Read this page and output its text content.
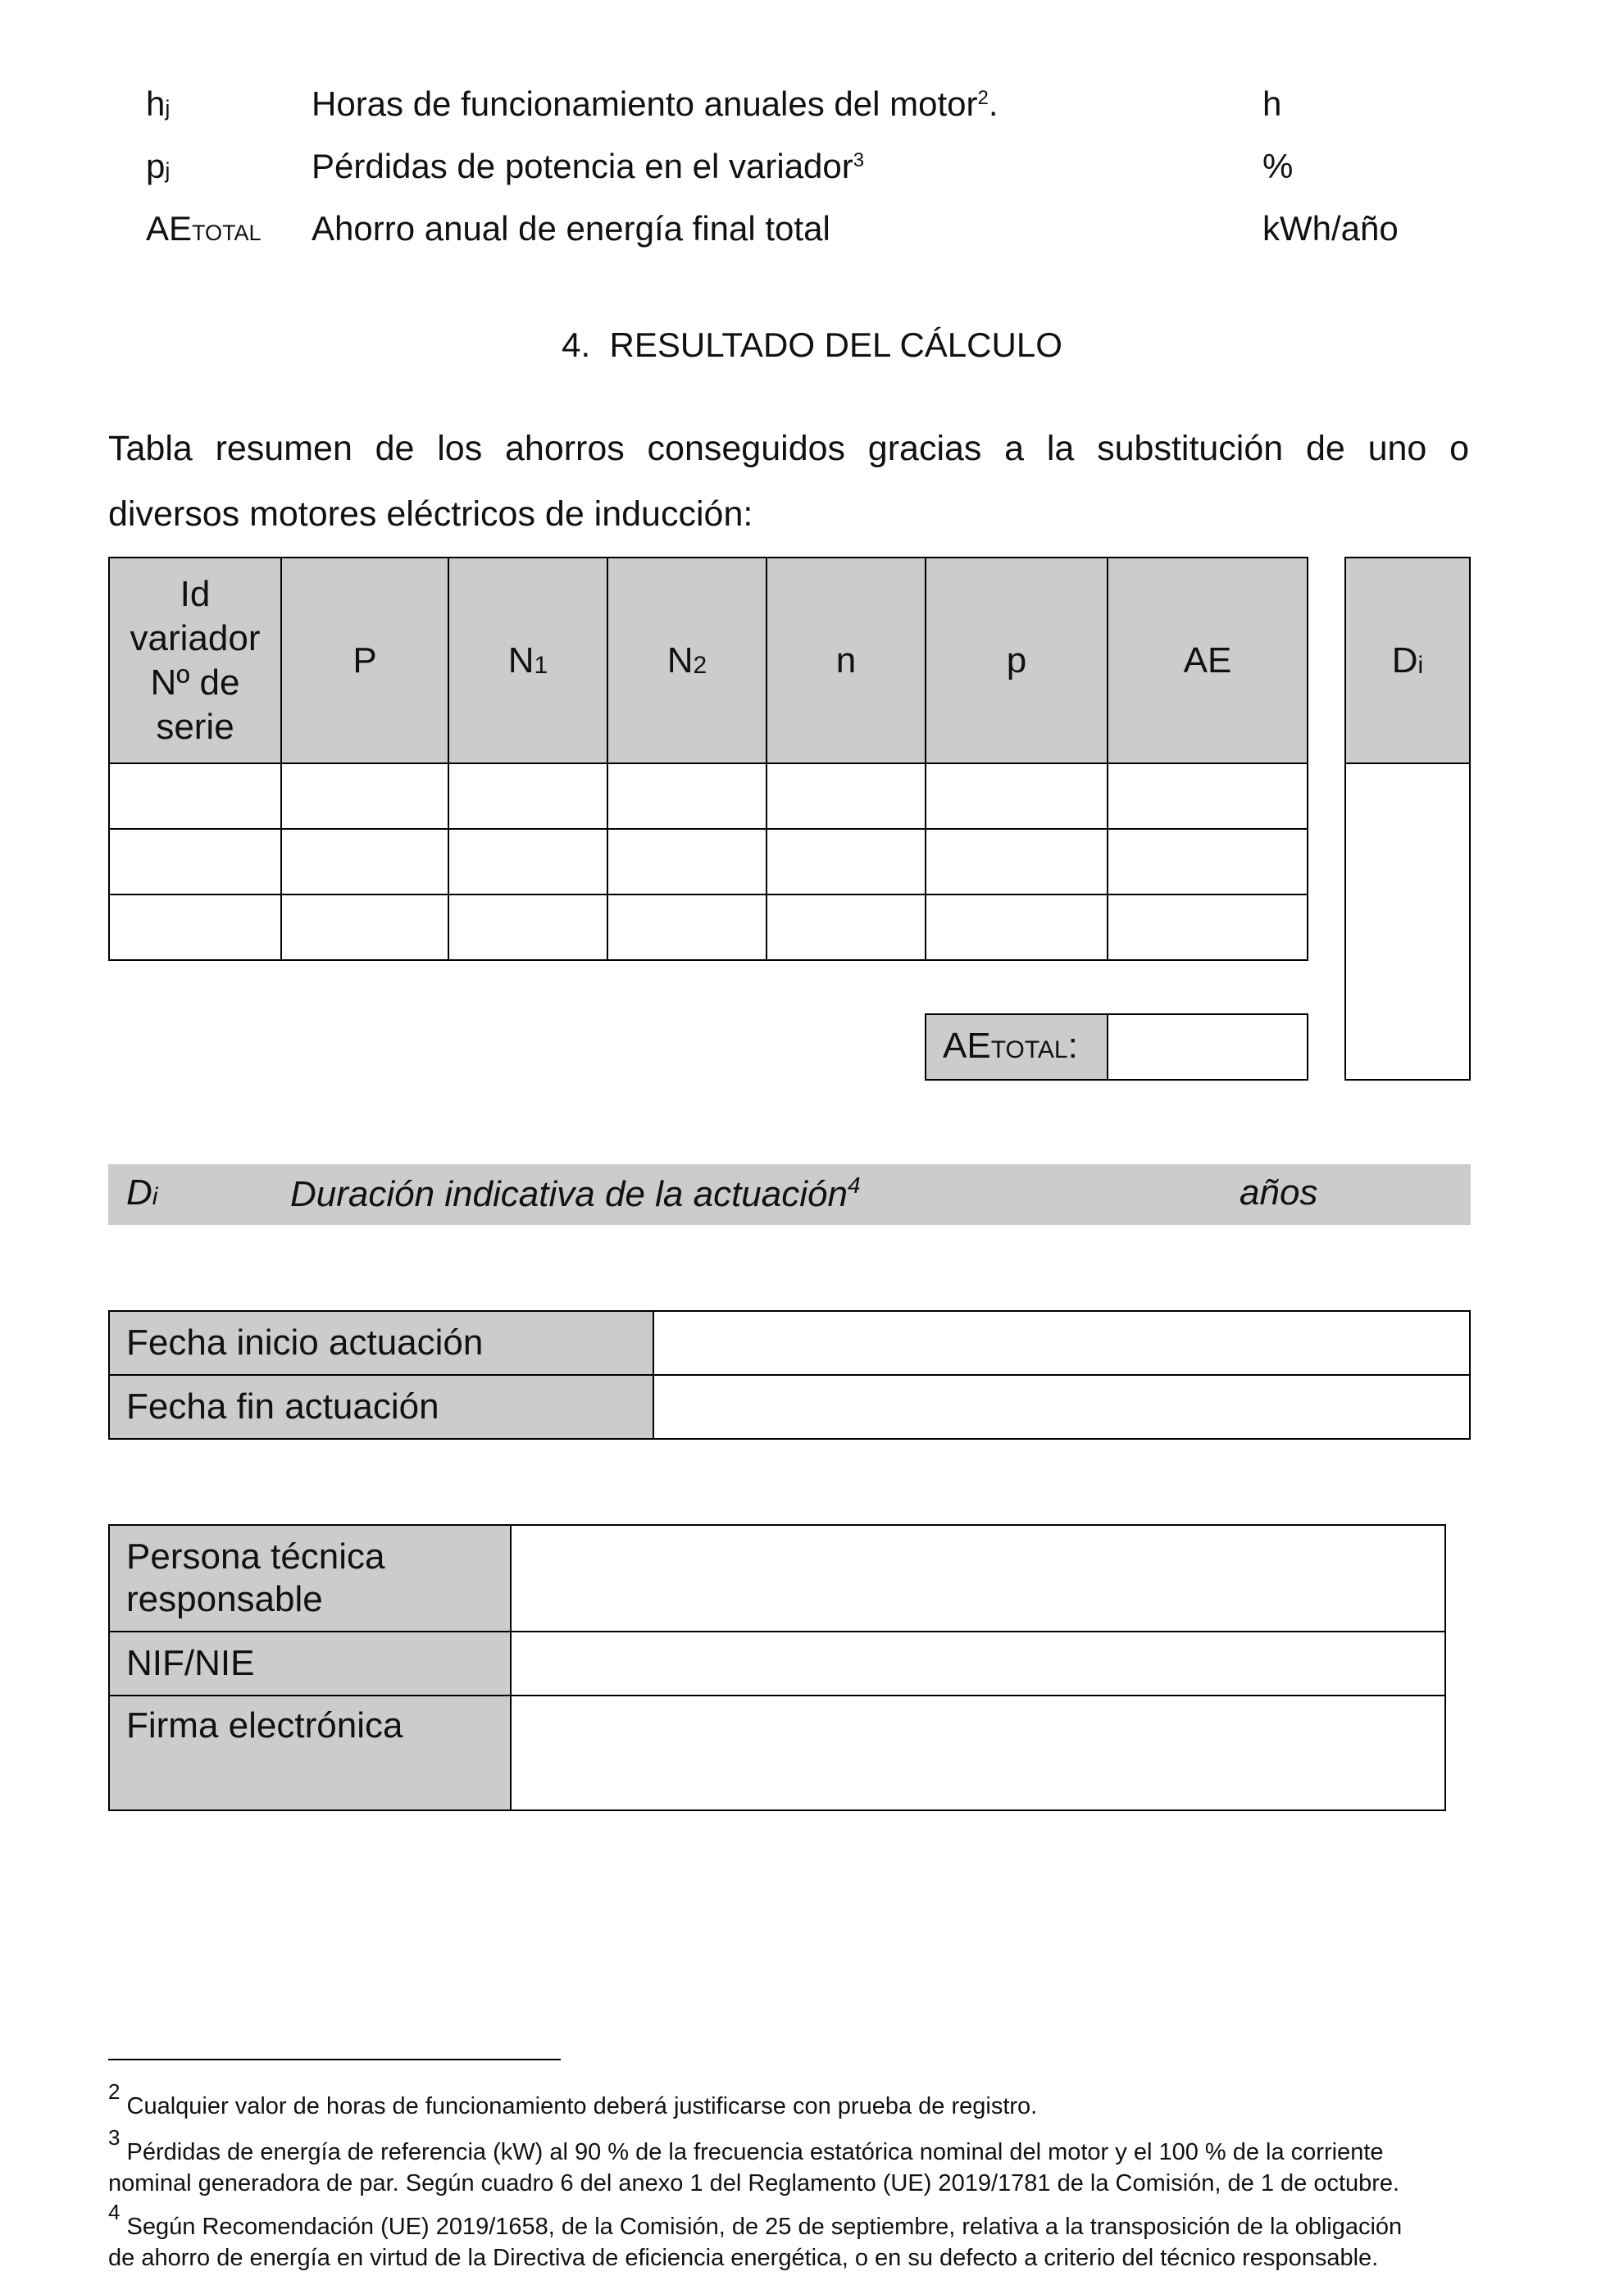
hj	Horas de funcionamiento anuales del motor$^2$.	h
pj	Pérdidas de potencia en el variador$^3$	%
AETOTAL Ahorro anual de energía final total	kWh/año
4. RESULTADO DEL CÁLCULO
Tabla resumen de los ahorros conseguidos gracias a la substitución de uno o
diversos motores eléctricos de inducción:
Id
variador
Nº de
serie
P	N 1	N 2	n	p	AE
AETOTAL:
D i
Di	Duración indicativa de la actuación$^4$	años
Fecha inicio actuación
Fecha fin actuación
Persona técnica
responsable
NIF/NIE
Firma electrónica
$^2$ Cualquier valor de horas de funcionamiento deberá justificarse con prueba de registro.
$^3$ Pérdidas de energía de referencia (kW) al 90 % de la frecuencia estatórica nominal del motor y el 100 % de la corriente
nominal generadora de par. Según cuadro 6 del anexo 1 del Reglamento (UE) 2019/1781 de la Comisión, de 1 de octubre.
$^4$ Según Recomendación (UE) 2019/1658, de la Comisión, de 25 de septiembre, relativa a la transposición de la obligación
de ahorro de energía en virtud de la Directiva de eficiencia energética, o en su defecto a criterio del técnico responsable.
